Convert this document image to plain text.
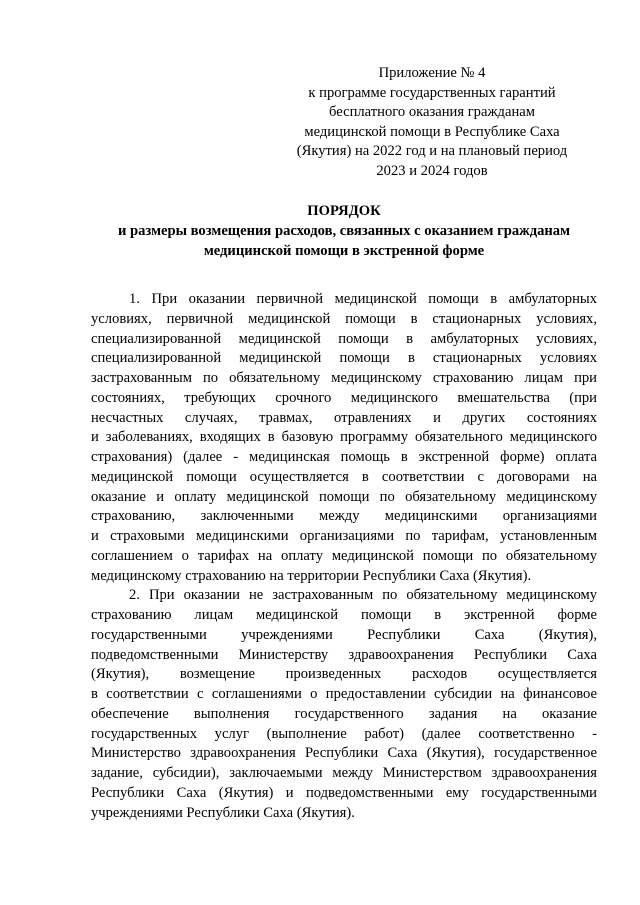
Приложение № 4
к программе государственных гарантий
бесплатного оказания гражданам
медицинской помощи в Республике Саха
(Якутия) на 2022 год и на плановый период
2023 и 2024 годов
ПОРЯДОК
и размеры возмещения расходов, связанных с оказанием гражданам
медицинской помощи в экстренной форме
1. При оказании первичной медицинской помощи в амбулаторных
условиях, первичной медицинской помощи в стационарных условиях,
специализированной медицинской помощи в амбулаторных условиях,
специализированной медицинской помощи в стационарных условиях
застрахованным по обязательному медицинскому страхованию лицам при
состояниях, требующих срочного медицинского вмешательства (при
несчастных случаях, травмах, отравлениях и других состояниях
и заболеваниях, входящих в базовую программу обязательного медицинского
страхования) (далее - медицинская помощь в экстренной форме) оплата
медицинской помощи осуществляется в соответствии с договорами на
оказание и оплату медицинской помощи по обязательному медицинскому
страхованию, заключенными между медицинскими организациями
и страховыми медицинскими организациями по тарифам, установленным
соглашением о тарифах на оплату медицинской помощи по обязательному
медицинскому страхованию на территории Республики Саха (Якутия).
2. При оказании не застрахованным по обязательному медицинскому
страхованию лицам медицинской помощи в экстренной форме
государственными учреждениями Республики Саха (Якутия),
подведомственными Министерству здравоохранения Республики Саха
(Якутия), возмещение произведенных расходов осуществляется
в соответствии с соглашениями о предоставлении субсидии на финансовое
обеспечение выполнения государственного задания на оказание
государственных услуг (выполнение работ) (далее соответственно -
Министерство здравоохранения Республики Саха (Якутия), государственное
задание, субсидии), заключаемыми между Министерством здравоохранения
Республики Саха (Якутия) и подведомственными ему государственными
учреждениями Республики Саха (Якутия).
